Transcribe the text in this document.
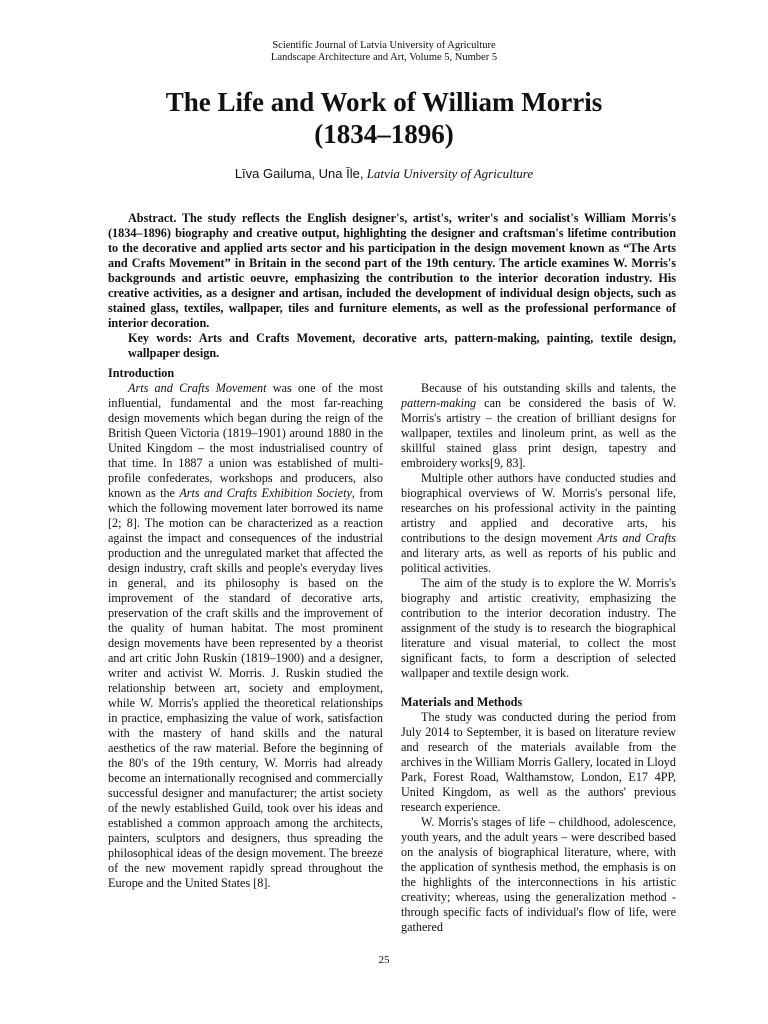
Scientific Journal of Latvia University of Agriculture
Landscape Architecture and Art, Volume 5, Number 5
The Life and Work of William Morris
(1834–1896)
Līva Gailuma, Una Īle, Latvia University of Agriculture

Abstract. The study reflects the English designer's, artist's, writer's and socialist's William Morris's (1834–1896) biography and creative output, highlighting the designer and craftsman's lifetime contribution to the decorative and applied arts sector and his participation in the design movement known as “The Arts and Crafts Movement” in Britain in the second part of the 19th century. The article examines W. Morris's backgrounds and artistic oeuvre, emphasizing the contribution to the interior decoration industry. His creative activities, as a designer and artisan, included the development of individual design objects, such as stained glass, textiles, wallpaper, tiles and furniture elements, as well as the professional performance of interior decoration.

Key words: Arts and Crafts Movement, decorative arts, pattern-making, painting, textile design, wallpaper design.

Introduction

Arts and Crafts Movement was one of the most influential, fundamental and the most far-reaching design movements which began during the reign of the British Queen Victoria (1819–1901) around 1880 in the United Kingdom – the most industrialised country of that time. In 1887 a union was established of multi-profile confederates, workshops and producers, also known as the Arts and Crafts Exhibition Society, from which the following movement later borrowed its name [2; 8]. The motion can be characterized as a reaction against the impact and consequences of the industrial production and the unregulated market that affected the design industry, craft skills and people's everyday lives in general, and its philosophy is based on the improvement of the standard of decorative arts, preservation of the craft skills and the improvement of the quality of human habitat. The most prominent design movements have been represented by a theorist and art critic John Ruskin (1819–1900) and a designer, writer and activist W. Morris. J. Ruskin studied the relationship between art, society and employment, while W. Morris's applied the theoretical relationships in practice, emphasizing the value of work, satisfaction with the mastery of hand skills and the natural aesthetics of the raw material. Before the beginning of the 80's of the 19th century, W. Morris had already become an internationally recognised and commercially successful designer and manufacturer; the artist society of the newly established Guild, took over his ideas and established a common approach among the architects, painters, sculptors and designers, thus spreading the philosophical ideas of the design movement. The breeze of the new movement rapidly spread throughout the Europe and the United States [8].

Because of his outstanding skills and talents, the pattern-making can be considered the basis of W. Morris's artistry – the creation of brilliant designs for wallpaper, textiles and linoleum print, as well as the skillful stained glass print design, tapestry and embroidery works[9, 83].

Multiple other authors have conducted studies and biographical overviews of W. Morris's personal life, researches on his professional activity in the painting artistry and applied and decorative arts, his contributions to the design movement Arts and Crafts and literary arts, as well as reports of his public and political activities.

The aim of the study is to explore the W. Morris's biography and artistic creativity, emphasizing the contribution to the interior decoration industry. The assignment of the study is to research the biographical literature and visual material, to collect the most significant facts, to form a description of selected wallpaper and textile design work.

Materials and Methods

The study was conducted during the period from July 2014 to September, it is based on literature review and research of the materials available from the archives in the William Morris Gallery, located in Lloyd Park, Forest Road, Walthamstow, London, E17 4PP, United Kingdom, as well as the authors' previous research experience.

W. Morris's stages of life – childhood, adolescence, youth years, and the adult years – were described based on the analysis of biographical literature, where, with the application of synthesis method, the emphasis is on the highlights of the interconnections in his artistic creativity; whereas, using the generalization method - through specific facts of individual's flow of life, were gathered

25
